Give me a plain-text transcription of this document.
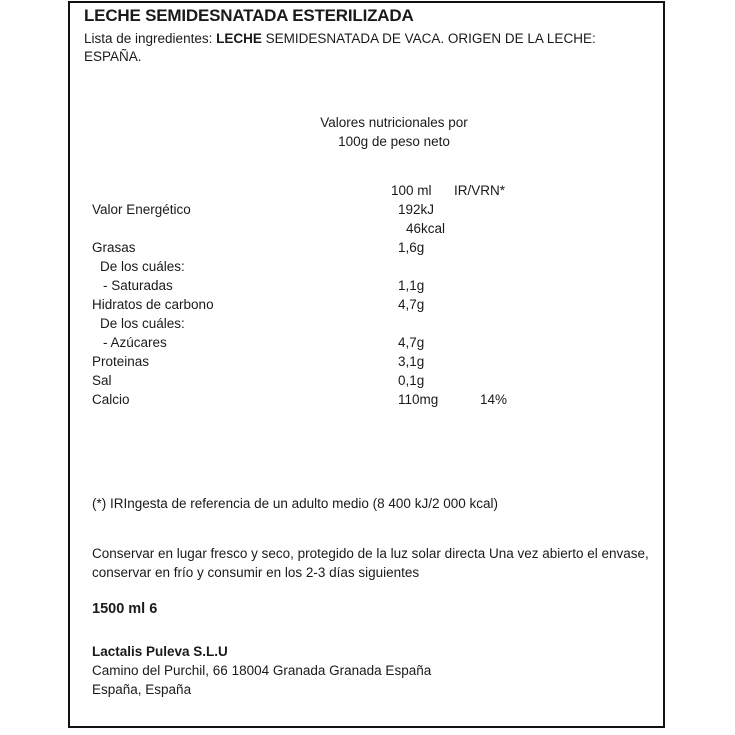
LECHE SEMIDESNATADA ESTERILIZADA
Lista de ingredientes: LECHE SEMIDESNATADA DE VACA. ORIGEN DE LA LECHE: ESPAÑA.
Valores nutricionales por
100g de peso neto
100 ml IR/VRN*
Valor Energético	192kJ
46kcal
Grasas	1,6g
De los cuáles:
- Saturadas	1,1g
Hidratos de carbono	4,7g
De los cuáles:
- Azúcares	4,7g
Proteinas	3,1g
Sal	0,1g
Calcio	110mg	14%
(*) IRIngesta de referencia de un adulto medio (8 400 kJ/2 000 kcal)
Conservar en lugar fresco y seco, protegido de la luz solar directa Una vez abierto el envase, conservar en frío y consumir en los 2-3 días siguientes
1500 ml 6
Lactalis Puleva S.L.U
Camino del Purchil, 66 18004 Granada Granada España
España, España
